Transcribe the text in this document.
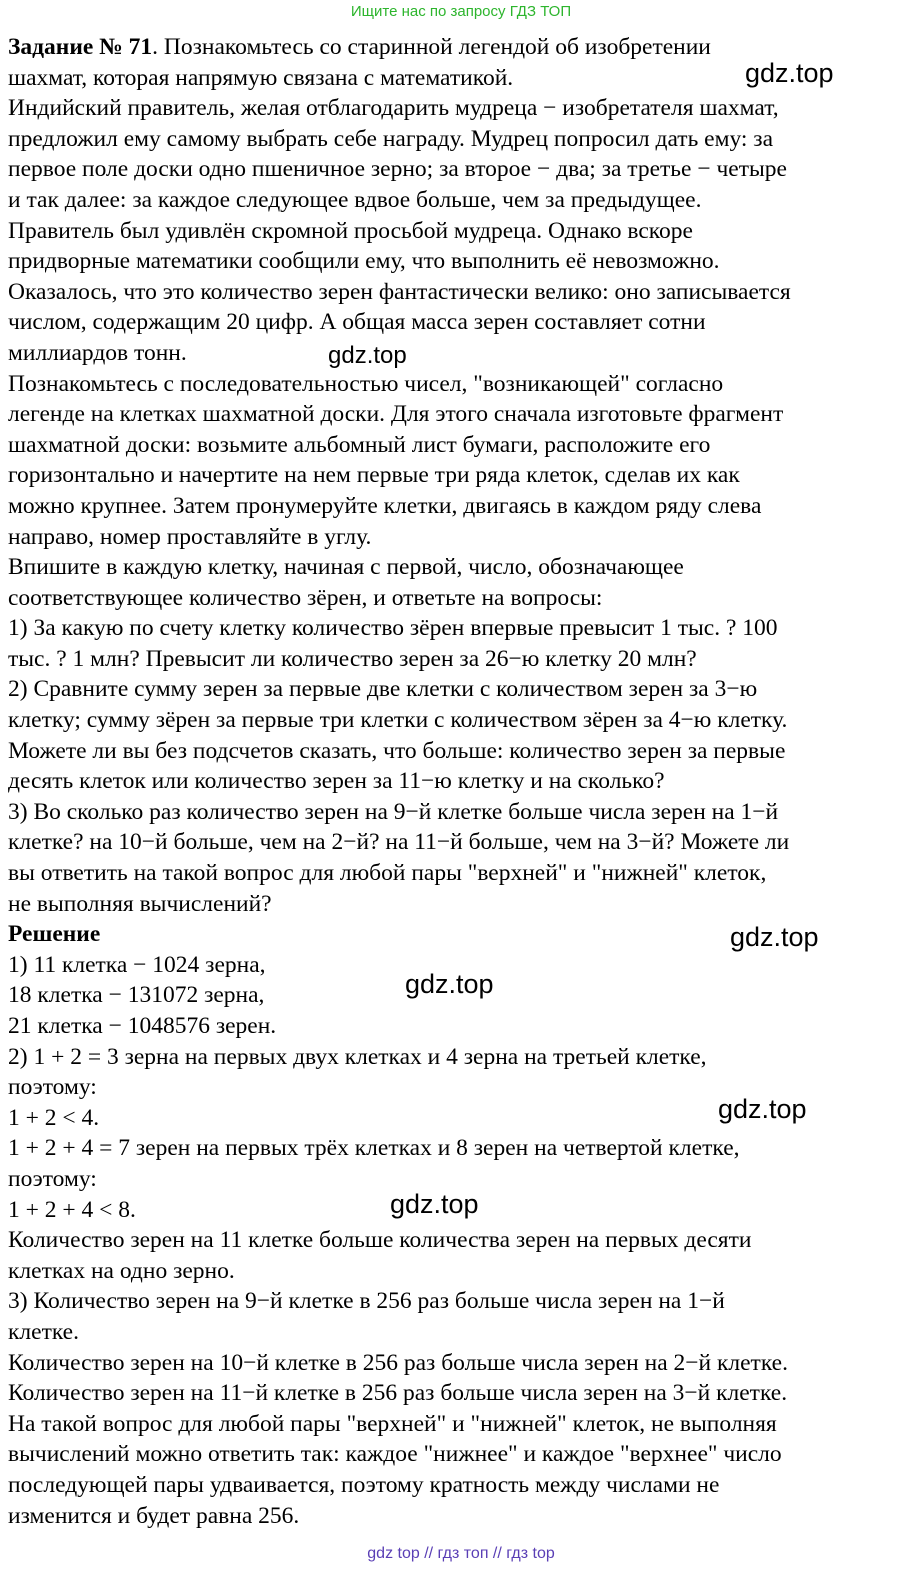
Ищите нас по запросу ГДЗ ТОП
Задание № 71. Познакомьтесь со старинной легендой об изобретении
шахмат, которая напрямую связана с математикой.
Индийский правитель, желая отблагодарить мудреца − изобретателя шахмат,
предложил ему самому выбрать себе награду. Мудрец попросил дать ему: за
первое поле доски одно пшеничное зерно; за второе − два; за третье − четыре
и так далее: за каждое следующее вдвое больше, чем за предыдущее.
Правитель был удивлён скромной просьбой мудреца. Однако вскоре
придворные математики сообщили ему, что выполнить её невозможно.
Оказалось, что это количество зерен фантастически велико: оно записывается
числом, содержащим 20 цифр. А общая масса зерен составляет сотни
миллиардов тонн.
Познакомьтесь с последовательностью чисел, "возникающей" согласно
легенде на клетках шахматной доски. Для этого сначала изготовьте фрагмент
шахматной доски: возьмите альбомный лист бумаги, расположите его
горизонтально и начертите на нем первые три ряда клеток, сделав их как
можно крупнее. Затем пронумеруйте клетки, двигаясь в каждом ряду слева
направо, номер проставляйте в углу.
Впишите в каждую клетку, начиная с первой, число, обозначающее
соответствующее количество зёрен, и ответьте на вопросы:
1) За какую по счету клетку количество зёрен впервые превысит 1 тыс. ? 100
тыс. ? 1 млн? Превысит ли количество зерен за 26−ю клетку 20 млн?
2) Сравните сумму зерен за первые две клетки с количеством зерен за 3−ю
клетку; сумму зёрен за первые три клетки с количеством зёрен за 4−ю клетку.
Можете ли вы без подсчетов сказать, что больше: количество зерен за первые
десять клеток или количество зерен за 11−ю клетку и на сколько?
3) Во сколько раз количество зерен на 9−й клетке больше числа зерен на 1−й
клетке? на 10−й больше, чем на 2−й? на 11−й больше, чем на 3−й? Можете ли
вы ответить на такой вопрос для любой пары "верхней" и "нижней" клеток,
не выполняя вычислений?
Решение
1) 11 клетка − 1024 зерна,
18 клетка − 131072 зерна,
21 клетка − 1048576 зерен.
2) 1 + 2 = 3 зерна на первых двух клетках и 4 зерна на третьей клетке,
поэтому:
1 + 2 < 4.
1 + 2 + 4 = 7 зерен на первых трёх клетках и 8 зерен на четвертой клетке,
поэтому:
1 + 2 + 4 < 8.
Количество зерен на 11 клетке больше количества зерен на первых десяти
клетках на одно зерно.
3) Количество зерен на 9−й клетке в 256 раз больше числа зерен на 1−й
клетке.
Количество зерен на 10−й клетке в 256 раз больше числа зерен на 2−й клетке.
Количество зерен на 11−й клетке в 256 раз больше числа зерен на 3−й клетке.
На такой вопрос для любой пары "верхней" и "нижней" клеток, не выполняя
вычислений можно ответить так: каждое "нижнее" и каждое "верхнее" число
последующей пары удваивается, поэтому кратность между числами не
изменится и будет равна 256.
gdz.top
gdz.top
gdz.top
gdz.top
gdz.top
gdz.top
gdz top // гдз топ // гдз top
